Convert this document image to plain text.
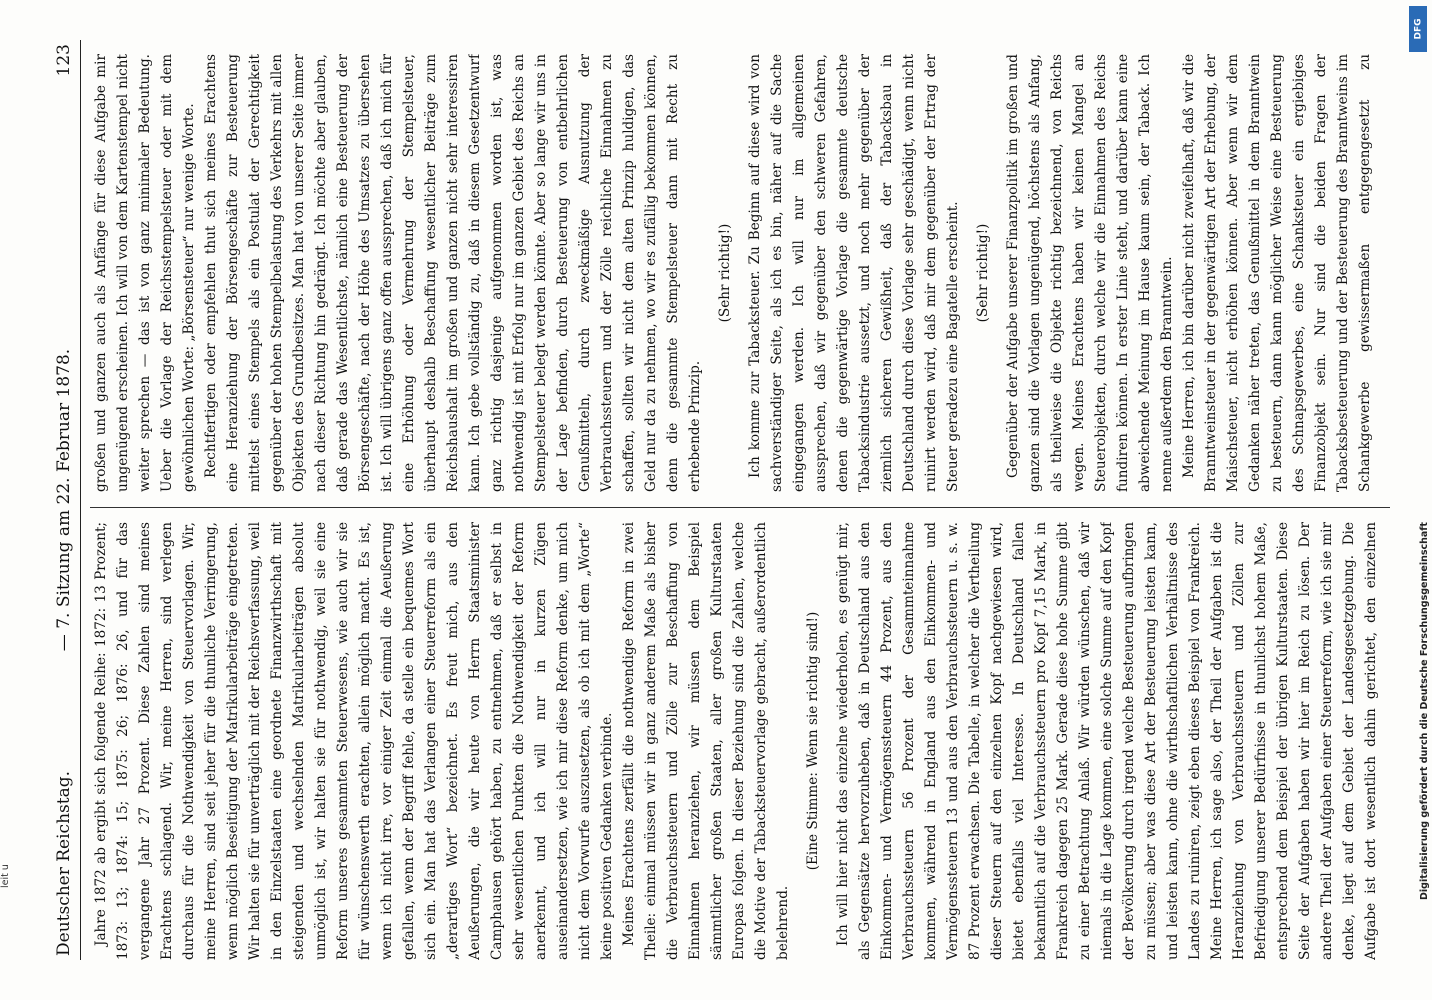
Deutscher Reichstag.
— 7. Sitzung am 22. Februar 1878.
123

Jahre 1872 ab ergibt sich folgende Reihe: 1872: 13 Prozent; 1873: 13; 1874: 15; 1875: 26; 1876: 26, und für das vergangene Jahr 27 Prozent. Diese Zahlen sind meines Erachtens schlagend. Wir, meine Herren, sind verlegen durchaus für die Nothwendigkeit von Steuervorlagen. Wir, meine Herren, sind seit jeher für die thunliche Verringerung, wenn möglich Beseitigung der Matrikularbeiträge eingetreten. Wir halten sie für unverträglich mit der Reichsverfassung, weil in den Einzelstaaten eine geordnete Finanzwirthschaft mit steigenden und wechselnden Matrikularbeiträgen absolut unmöglich ist, wir halten sie für nothwendig, weil sie eine Reform unseres gesammten Steuerwesens, wie auch wir sie für wünschenswerth erachten, allein möglich macht. Es ist, wenn ich nicht irre, vor einiger Zeit einmal die Aeußerung gefallen, wenn der Begriff fehle, da stelle ein bequemes Wort sich ein. Man hat das Verlangen einer Steuerreform als ein „derartiges Wort“ bezeichnet. Es freut mich, aus den Aeußerungen, die wir heute von Herrn Staatsminister Camphausen gehört haben, zu entnehmen, daß er selbst in sehr wesentlichen Punkten die Nothwendigkeit der Reform anerkennt, und ich will nur in kurzen Zügen auseinandersetzen, wie ich mir diese Reform denke, um mich nicht dem Vorwurfe auszusetzen, als ob ich mit dem „Worte“ keine positiven Gedanken verbinde. Meines Erachtens zerfällt die nothwendige Reform in zwei Theile: einmal müssen wir in ganz anderem Maße als bisher die Verbrauchssteuern und Zölle zur Beschaffung von Einnahmen heranziehen, wir müssen dem Beispiel sämmtlicher großen Staaten, aller großen Kulturstaaten Europas folgen. In dieser Beziehung sind die Zahlen, welche die Motive der Tabacksteuervorlage gebracht, außerordentlich belehrend.

(Eine Stimme: Wenn sie richtig sind!)

Ich will hier nicht das einzelne wiederholen, es genügt mir, als Gegensätze hervorzuheben, daß in Deutschland aus den Einkommen- und Vermögenssteuern 44 Prozent, aus den Verbrauchssteuern 56 Prozent der Gesammteinnahme kommen, während in England aus den Einkommen- und Vermögenssteuern 13 und aus den Verbrauchssteuern u. s. w. 87 Prozent erwachsen. Die Tabelle, in welcher die Vertheilung dieser Steuern auf den einzelnen Kopf nachgewiesen wird, bietet ebenfalls viel Interesse. In Deutschland fallen bekanntlich auf die Verbrauchssteuern pro Kopf 7,15 Mark, in Frankreich dagegen 25 Mark. Gerade diese hohe Summe gibt zu einer Betrachtung Anlaß. Wir würden wünschen, daß wir niemals in die Lage kommen, eine solche Summe auf den Kopf der Bevölkerung durch irgend welche Besteuerung aufbringen zu müssen; aber was diese Art der Besteuerung leisten kann, und leisten kann, ohne die wirthschaftlichen Verhältnisse des Landes zu ruiniren, zeigt eben dieses Beispiel von Frankreich. Meine Herren, ich sage also, der Theil der Aufgaben ist die Heranziehung von Verbrauchssteuern und Zöllen zur Befriedigung unserer Bedürfnisse in thunlichst hohem Maße, entsprechend dem Beispiel der übrigen Kulturstaaten. Diese Seite der Aufgaben haben wir hier im Reich zu lösen. Der andere Theil der Aufgaben einer Steuerreform, wie ich sie mir denke, liegt auf dem Gebiet der Landesgesetzgebung. Die Aufgabe ist dort wesentlich dahin gerichtet, den einzelnen

großen und ganzen auch als Anfänge für diese Aufgabe mir ungenügend erscheinen. Ich will von dem Kartenstempel nicht weiter sprechen — das ist von ganz minimaler Bedeutung. Ueber die Vorlage der Reichsstempelsteuer oder mit dem gewöhnlichen Worte: „Börsensteuer“ nur wenige Worte. Rechtfertigen oder empfehlen thut sich meines Erachtens eine Heranziehung der Börsengeschäfte zur Besteuerung mittelst eines Stempels als ein Postulat der Gerechtigkeit gegenüber der hohen Stempelbelastung des Verkehrs mit allen Objekten des Grundbesitzes. Man hat von unserer Seite immer nach dieser Richtung hin gedrängt. Ich möchte aber glauben, daß gerade das Wesentlichste, nämlich eine Besteuerung der Börsengeschäfte, nach der Höhe des Umsatzes zu übersehen ist. Ich will übrigens ganz offen aussprechen, daß ich mich für eine Erhöhung oder Vermehrung der Stempelsteuer, überhaupt deshalb Beschaffung wesentlicher Beiträge zum Reichshaushalt im großen und ganzen nicht sehr interessiren kann. Ich gebe vollständig zu, daß in diesem Gesetzentwurf ganz richtig dasjenige aufgenommen worden ist, was nothwendig ist mit Erfolg nur im ganzen Gebiet des Reichs an Stempelsteuer belegt werden könnte. Aber so lange wir uns in der Lage befinden, durch Besteuerung von entbehrlichen Genußmitteln, durch zweckmäßige Ausnutzung der Verbrauchssteuern und der Zölle reichliche Einnahmen zu schaffen, sollten wir nicht dem alten Prinzip huldigen, das Geld nur da zu nehmen, wo wir es zufällig bekommen können, denn die gesammte Stempelsteuer dann mit Recht zu erhebende Prinzip.

(Sehr richtig!) Ich komme zur Tabacksteuer. Zu Beginn auf diese wird von sachverständiger Seite, als ich es bin, näher auf die Sache eingegangen werden. Ich will nur im allgemeinen aussprechen, daß wir gegenüber den schweren Gefahren, denen die gegenwärtige Vorlage die gesammte deutsche Tabacksindustrie aussetzt, und noch mehr gegenüber der ziemlich sicheren Gewißheit, daß der Tabacksbau in Deutschland durch diese Vorlage sehr geschädigt, wenn nicht ruinirt werden wird, daß mir dem gegenüber der Ertrag der Steuer geradezu eine Bagatelle erscheint. (Sehr richtig!) Gegenüber der Aufgabe unserer Finanzpolitik im großen und ganzen sind die Vorlagen ungenügend, höchstens als Anfang, als theilweise die Objekte richtig bezeichnend, von Reichs wegen. Meines Erachtens haben wir keinen Mangel an Steuerobjekten, durch welche wir die Einnahmen des Reichs fundiren können. In erster Linie steht, und darüber kann eine abweichende Meinung im Hause kaum sein, der Taback. Ich nenne außerdem den Branntwein. Meine Herren, ich bin darüber nicht zweifelhaft, daß wir die Branntweinsteuer in der gegenwärtigen Art der Erhebung, der Maischsteuer, nicht erhöhen können. Aber wenn wir dem Gedanken näher treten, das Genußmittel in dem Branntwein zu besteuern, dann kann möglicher Weise eine Besteuerung des Schnapsgewerbes, eine Schanksteuer ein ergiebiges Finanzobjekt sein. Nur sind die beiden Fragen der Tabacksbesteuerung und der Besteuerung des Branntweins im Schankgewerbe gewissermaßen entgegengesetzt zu

DFG
Digitalisierung gefördert durch die Deutsche Forschungsgemeinschaft
leit u
